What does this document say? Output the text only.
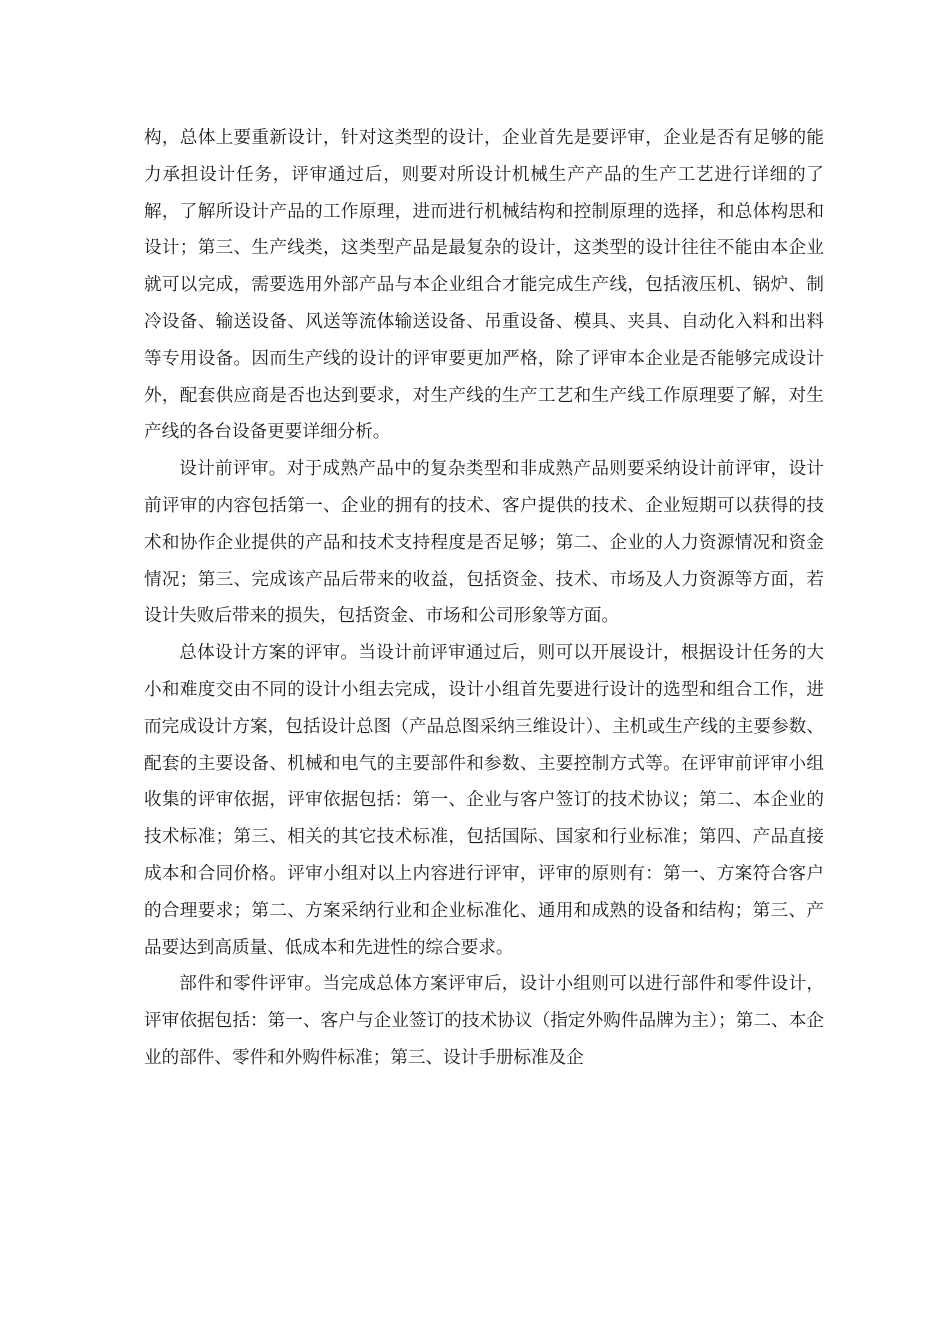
构，总体上要重新设计，针对这类型的设计，企业首先是要评审，企业是否有足够的能力承担设计任务，评审通过后，则要对所设计机械生产产品的生产工艺进行详细的了解，了解所设计产品的工作原理，进而进行机械结构和控制原理的选择，和总体构思和设计；第三、生产线类，这类型产品是最复杂的设计，这类型的设计往往不能由本企业就可以完成，需要选用外部产品与本企业组合才能完成生产线，包括液压机、锅炉、制冷设备、输送设备、风送等流体输送设备、吊重设备、模具、夹具、自动化入料和出料等专用设备。因而生产线的设计的评审要更加严格，除了评审本企业是否能够完成设计外，配套供应商是否也达到要求，对生产线的生产工艺和生产线工作原理要了解，对生产线的各台设备更要详细分析。

设计前评审。对于成熟产品中的复杂类型和非成熟产品则要采纳设计前评审，设计前评审的内容包括第一、企业的拥有的技术、客户提供的技术、企业短期可以获得的技术和协作企业提供的产品和技术支持程度是否足够；第二、企业的人力资源情况和资金情况；第三、完成该产品后带来的收益，包括资金、技术、市场及人力资源等方面，若设计失败后带来的损失，包括资金、市场和公司形象等方面。

总体设计方案的评审。当设计前评审通过后，则可以开展设计，根据设计任务的大小和难度交由不同的设计小组去完成，设计小组首先要进行设计的选型和组合工作，进而完成设计方案，包括设计总图（产品总图采纳三维设计）、主机或生产线的主要参数、配套的主要设备、机械和电气的主要部件和参数、主要控制方式等。在评审前评审小组收集的评审依据，评审依据包括：第一、企业与客户签订的技术协议；第二、本企业的技术标准；第三、相关的其它技术标准，包括国际、国家和行业标准；第四、产品直接成本和合同价格。评审小组对以上内容进行评审，评审的原则有：第一、方案符合客户的合理要求；第二、方案采纳行业和企业标准化、通用和成熟的设备和结构；第三、产品要达到高质量、低成本和先进性的综合要求。

部件和零件评审。当完成总体方案评审后，设计小组则可以进行部件和零件设计，评审依据包括：第一、客户与企业签订的技术协议（指定外购件品牌为主）；第二、本企业的部件、零件和外购件标准；第三、设计手册标准及企
